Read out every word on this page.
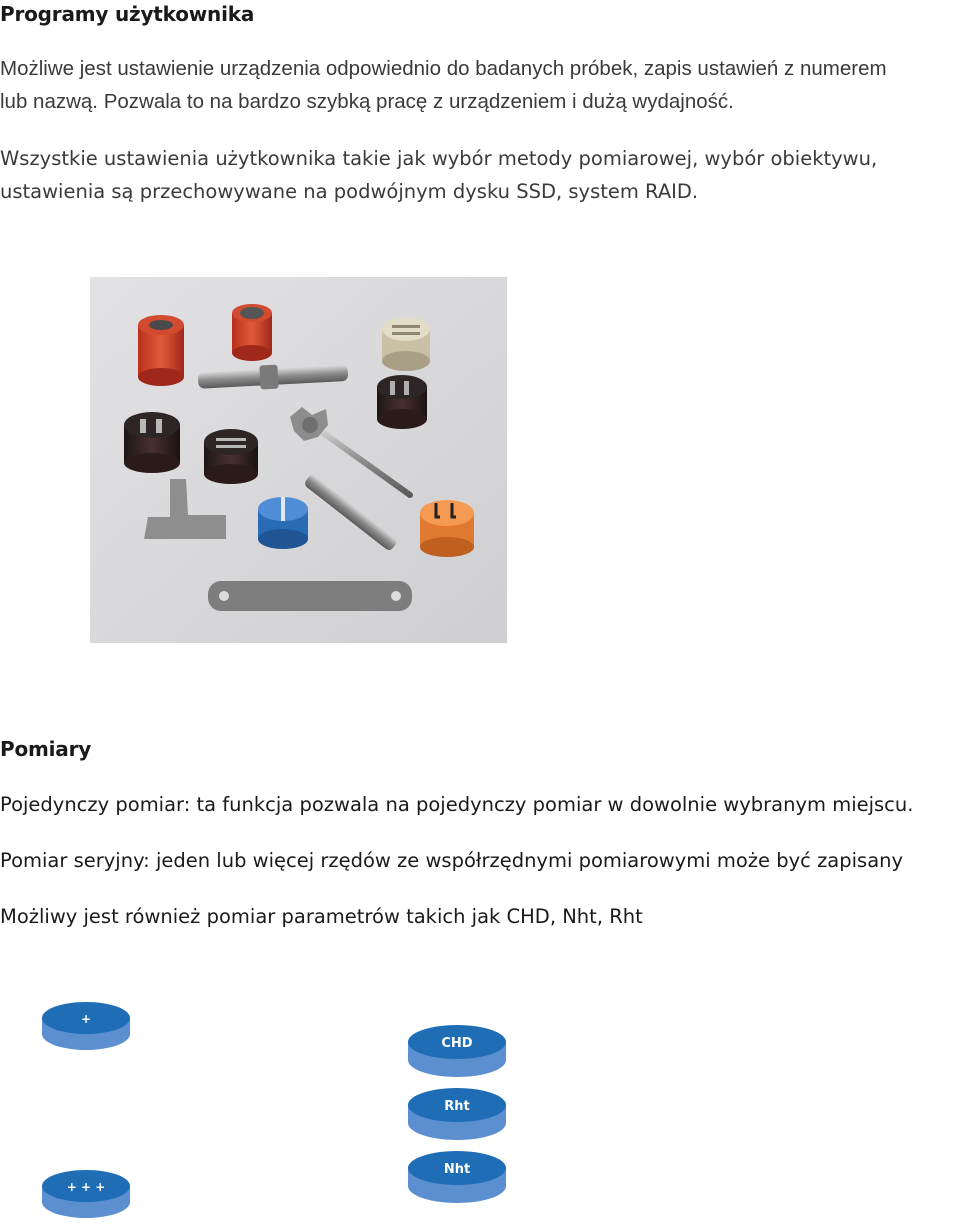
Programy użytkownika
Możliwe jest ustawienie urządzenia odpowiednio do badanych próbek, zapis ustawień z numerem
lub nazwą. Pozwala to na bardzo szybką pracę z urządzeniem i dużą wydajność.
Wszystkie ustawienia użytkownika takie jak wybór metody pomiarowej, wybór obiektywu,
ustawienia są przechowywane na podwójnym dysku SSD, system RAID.
Pomiary
Pojedynczy pomiar: ta funkcja pozwala na pojedynczy pomiar w dowolnie wybranym miejscu.
Pomiar seryjny: jeden lub więcej rzędów ze współrzędnymi pomiarowymi może być zapisany
Możliwy jest również pomiar parametrów takich jak CHD, Nht, Rht
+
+ + +
CHD
Rht
Nht
